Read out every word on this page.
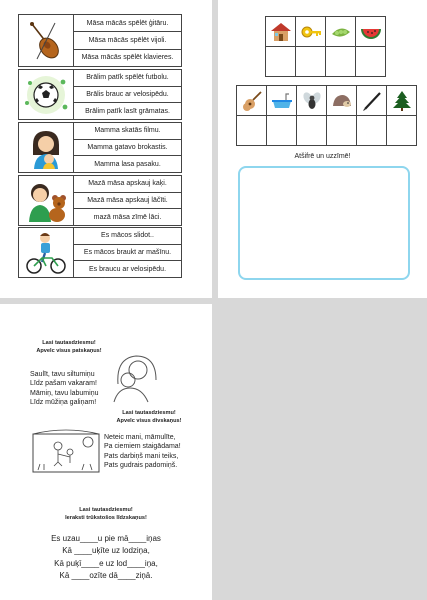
Māsa mācās spēlēt ģitāru.
Māsa mācās spēlēt vijoli.
Māsa mācās spēlēt klavieres.
Brālim patīk spēlēt futbolu.
Brālis brauc ar velosipēdu.
Brālim patīk lasīt grāmatas.
Mamma skatās filmu.
Mamma gatavo brokastis.
Mamma lasa pasaku.
Mazā māsa apskauj kaķi.
Mazā māsa apskauj lāčīti.
mazā māsa zīmē lāci.
Es mācos slidot..
Es mācos braukt ar mašīnu.
Es braucu ar velosipēdu.

Atšifrē un uzzīmē!
Lasi tautasdziesmu!
Apvelc visus patskaņus!
Saulīt, tavu siltumiņu
Līdz pašam vakaram!
Māmiņ, tavu labumiņu
Līdz mūžiņa galiņam!
Lasi tautasdziesmu!
Apvelc visus divskaņus!
Neteic mani, māmulīte,
Pa ciemiem staigādama!
Pats darbiņš mani teiks,
Pats gudrais padomiņš.
Lasi tautasdziesmu!
Ieraksti trūkstošos līdzskaņus!
Es uzau____u pie mā____iņas
Kā ____uķīte uz lodziņa,
Kā puķī____e uz lod____iņa,
Kā ____ozīte dā____ziņā.
